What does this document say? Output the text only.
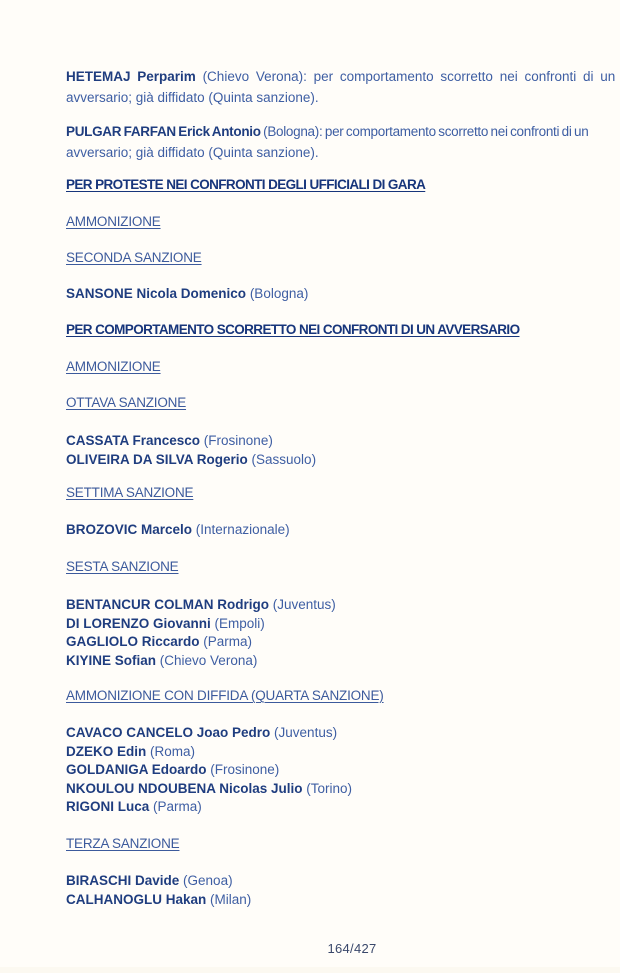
HETEMAJ Perparim (Chievo Verona): per comportamento scorretto nei confronti di un
avversario; già diffidato (Quinta sanzione).
PULGAR FARFAN Erick Antonio (Bologna): per comportamento scorretto nei confronti di un
avversario; già diffidato (Quinta sanzione).
PER PROTESTE NEI CONFRONTI DEGLI UFFICIALI DI GARA
AMMONIZIONE
SECONDA SANZIONE
SANSONE Nicola Domenico (Bologna)
PER COMPORTAMENTO SCORRETTO NEI CONFRONTI DI UN AVVERSARIO
AMMONIZIONE
OTTAVA SANZIONE
CASSATA Francesco (Frosinone)
OLIVEIRA DA SILVA Rogerio (Sassuolo)
SETTIMA SANZIONE
BROZOVIC Marcelo (Internazionale)
SESTA SANZIONE
BENTANCUR COLMAN Rodrigo (Juventus)
DI LORENZO Giovanni (Empoli)
GAGLIOLO Riccardo (Parma)
KIYINE Sofian (Chievo Verona)
AMMONIZIONE CON DIFFIDA (QUARTA SANZIONE)
CAVACO CANCELO Joao Pedro (Juventus)
DZEKO Edin (Roma)
GOLDANIGA Edoardo (Frosinone)
NKOULOU NDOUBENA Nicolas Julio (Torino)
RIGONI Luca (Parma)
TERZA SANZIONE
BIRASCHI Davide (Genoa)
CALHANOGLU Hakan (Milan)
164/427
